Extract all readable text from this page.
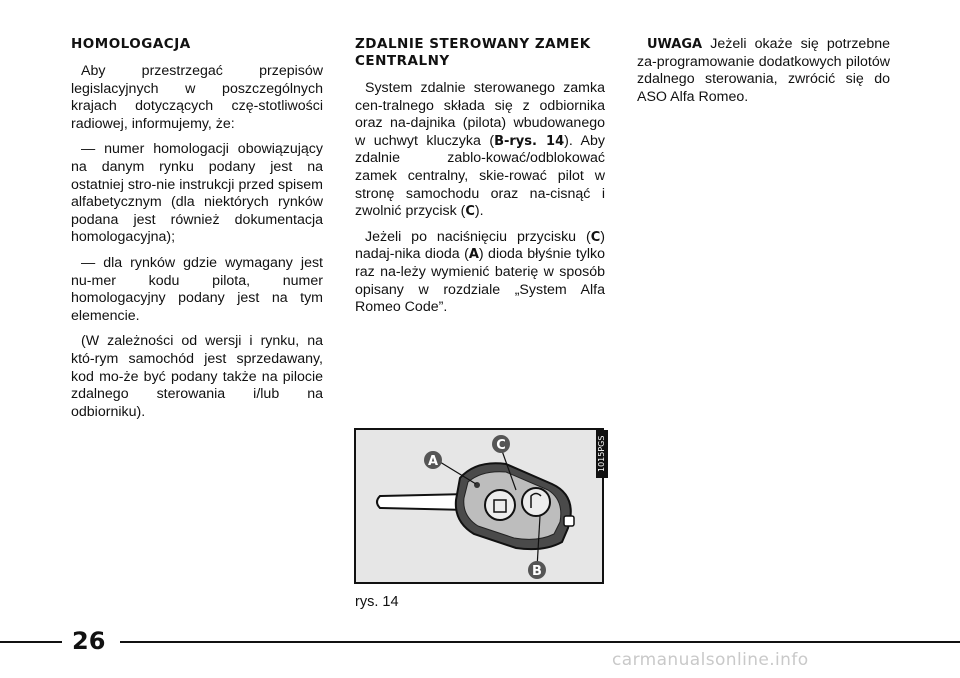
HOMOLOGACJA

Aby przestrzegać przepisów legislacyjnych w poszczególnych krajach dotyczących czę-stotliwości radiowej, informujemy, że:

— numer homologacji obowiązujący na danym rynku podany jest na ostatniej stro-nie instrukcji przed spisem alfabetycznym (dla niektórych rynków podana jest również dokumentacja homologacyjna);

— dla rynków gdzie wymagany jest nu-mer kodu pilota, numer homologacyjny podany jest na tym elemencie.

(W zależności od wersji i rynku, na któ-rym samochód jest sprzedawany, kod mo-że być podany także na pilocie zdalnego sterowania i/lub na odbiorniku).

ZDALNIE STEROWANY ZAMEK CENTRALNY

System zdalnie sterowanego zamka cen-tralnego składa się z odbiornika oraz na-dajnika (pilota) wbudowanego w uchwyt kluczyka (B-rys. 14). Aby zdalnie zablo-kować/odblokować zamek centralny, skie-rować pilot w stronę samochodu oraz na-cisnąć i zwolnić przycisk (C).

Jeżeli po naciśnięciu przycisku (C) nadaj-nika dioda (A) dioda błyśnie tylko raz na-leży wymienić baterię w sposób opisany w rozdziale „System Alfa Romeo Code”.

UWAGA Jeżeli okaże się potrzebne za-programowanie dodatkowych pilotów zdalnego sterowania, zwrócić się do ASO Alfa Romeo.

A
C
B
1015PGS
rys. 14
26
carmanualsonline.info
